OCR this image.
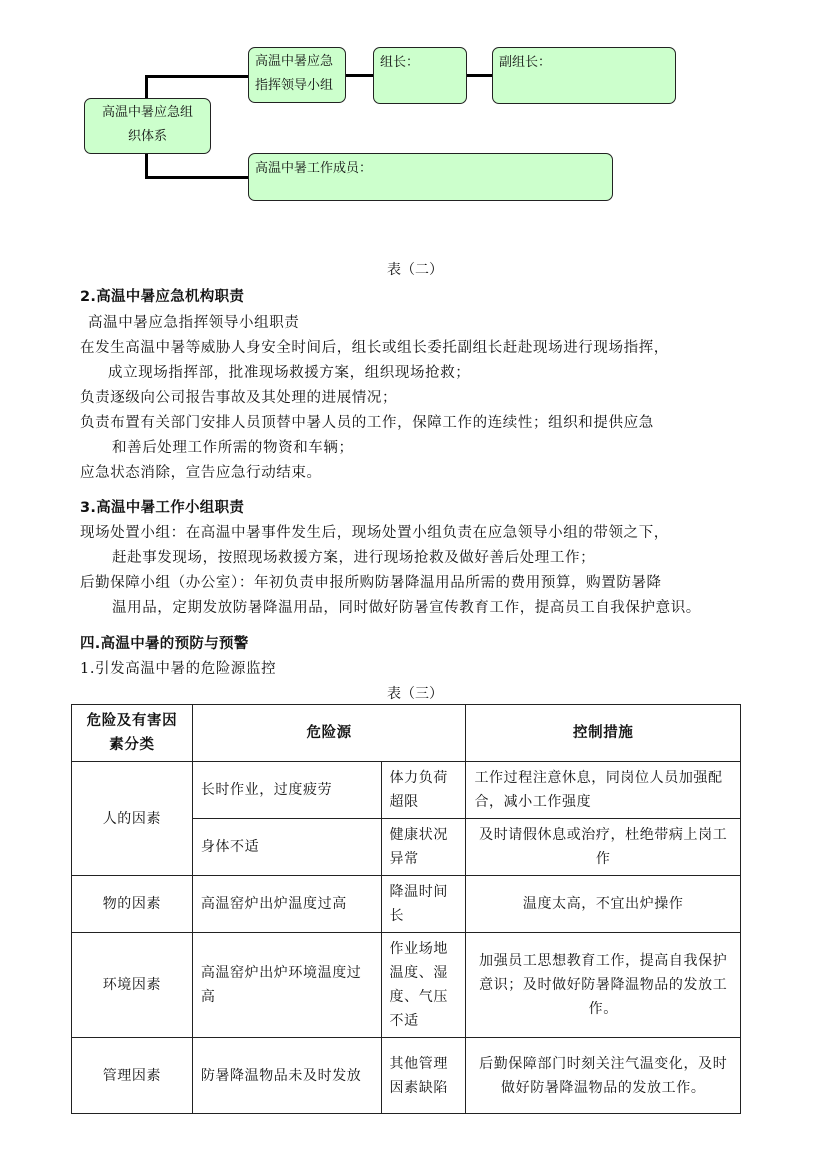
高温中暑应急组织体系
高温中暑应急指挥领导小组
组长：	副组长：
高温中暑工作成员：
表（二）
2.高温中暑应急机构职责
高温中暑应急指挥领导小组职责
在发生高温中暑等威胁人身安全时间后，组长或组长委托副组长赶赴现场进行现场指挥，
成立现场指挥部，批准现场救援方案，组织现场抢救；
负责逐级向公司报告事故及其处理的进展情况；
负责布置有关部门安排人员顶替中暑人员的工作，保障工作的连续性；组织和提供应急
和善后处理工作所需的物资和车辆；
应急状态消除，宣告应急行动结束。
3.高温中暑工作小组职责
现场处置小组：在高温中暑事件发生后，现场处置小组负责在应急领导小组的带领之下，
赶赴事发现场，按照现场救援方案，进行现场抢救及做好善后处理工作；
后勤保障小组（办公室）：年初负责申报所购防暑降温用品所需的费用预算，购置防暑降
温用品，定期发放防暑降温用品，同时做好防暑宣传教育工作，提高员工自我保护意识。
四.高温中暑的预防与预警
1.引发高温中暑的危险源监控
表（三）
危险及有害因素分类	危险源		控制措施
人的因素	长时作业，过度疲劳	体力负荷超限	工作过程注意休息，同岗位人员加强配合，减小工作强度
	身体不适	健康状况异常	及时请假休息或治疗，杜绝带病上岗工作
物的因素	高温窑炉出炉温度过高	降温时间长	温度太高，不宜出炉操作
环境因素	高温窑炉出炉环境温度过高	作业场地温度、湿度、气压不适	加强员工思想教育工作，提高自我保护意识；及时做好防暑降温物品的发放工作。
管理因素	防暑降温物品未及时发放	其他管理因素缺陷	后勤保障部门时刻关注气温变化，及时做好防暑降温物品的发放工作。
